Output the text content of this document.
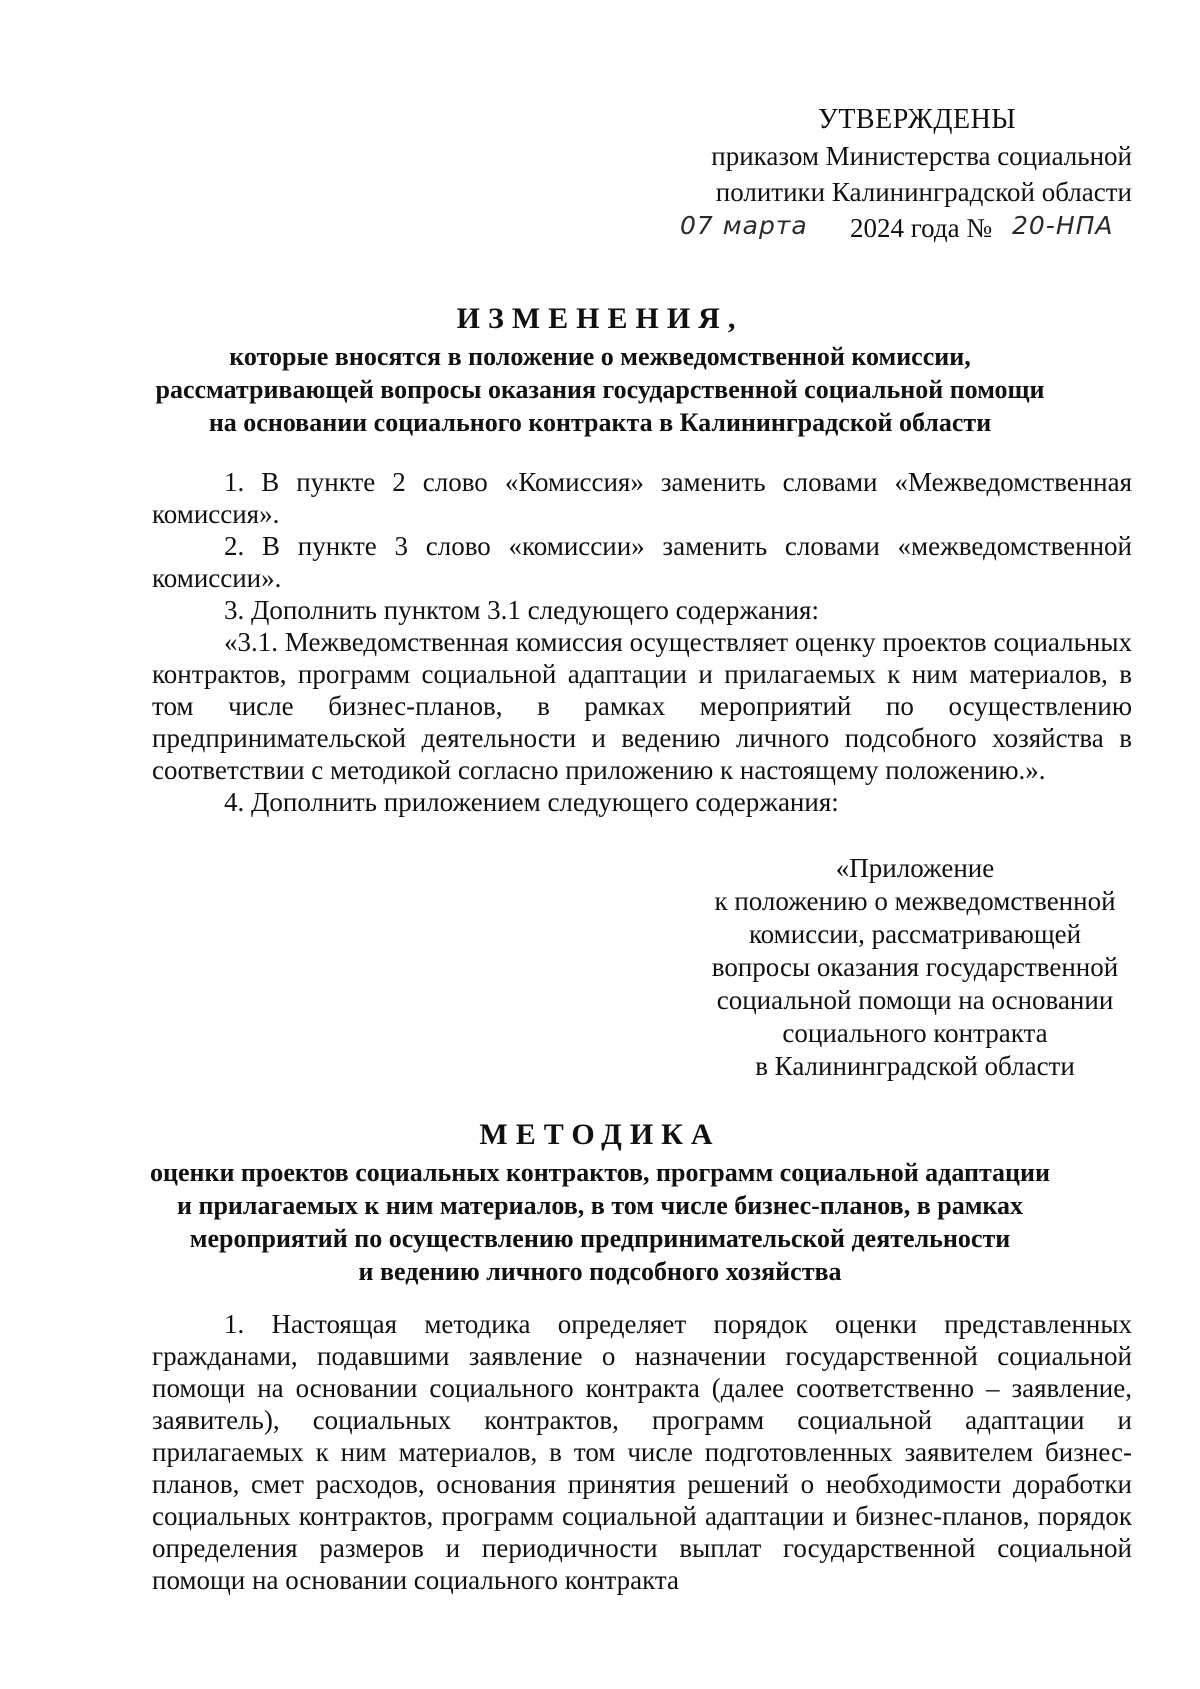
УТВЕРЖДЕНЫ
приказом Министерства социальной
политики Калининградской области
07 марта 2024 года № 20-НПА
ИЗМЕНЕНИЯ,
которые вносятся в положение о межведомственной комиссии,
рассматривающей вопросы оказания государственной социальной помощи
на основании социального контракта в Калининградской области

1. В пункте 2 слово «Комиссия» заменить словами «Межведомственная комиссия».

2. В пункте 3 слово «комиссии» заменить словами «межведомственной комиссии».

3. Дополнить пунктом 3.1 следующего содержания:

«3.1. Межведомственная комиссия осуществляет оценку проектов социальных контрактов, программ социальной адаптации и прилагаемых к ним материалов, в том числе бизнес-планов, в рамках мероприятий по осуществлению предпринимательской деятельности и ведению личного подсобного хозяйства в соответствии с методикой согласно приложению к настоящему положению.».

4. Дополнить приложением следующего содержания:

«Приложение
к положению о межведомственной
комиссии, рассматривающей
вопросы оказания государственной
социальной помощи на основании
социального контракта
в Калининградской области
МЕТОДИКА
оценки проектов социальных контрактов, программ социальной адаптации
и прилагаемых к ним материалов, в том числе бизнес-планов, в рамках
мероприятий по осуществлению предпринимательской деятельности
и ведению личного подсобного хозяйства

1. Настоящая методика определяет порядок оценки представленных гражданами, подавшими заявление о назначении государственной социальной помощи на основании социального контракта (далее соответственно – заявление, заявитель), социальных контрактов, программ социальной адаптации и прилагаемых к ним материалов, в том числе подготовленных заявителем бизнес-планов, смет расходов, основания принятия решений о необходимости доработки социальных контрактов, программ социальной адаптации и бизнес-планов, порядок определения размеров и периодичности выплат государственной социальной помощи на основании социального контракта
